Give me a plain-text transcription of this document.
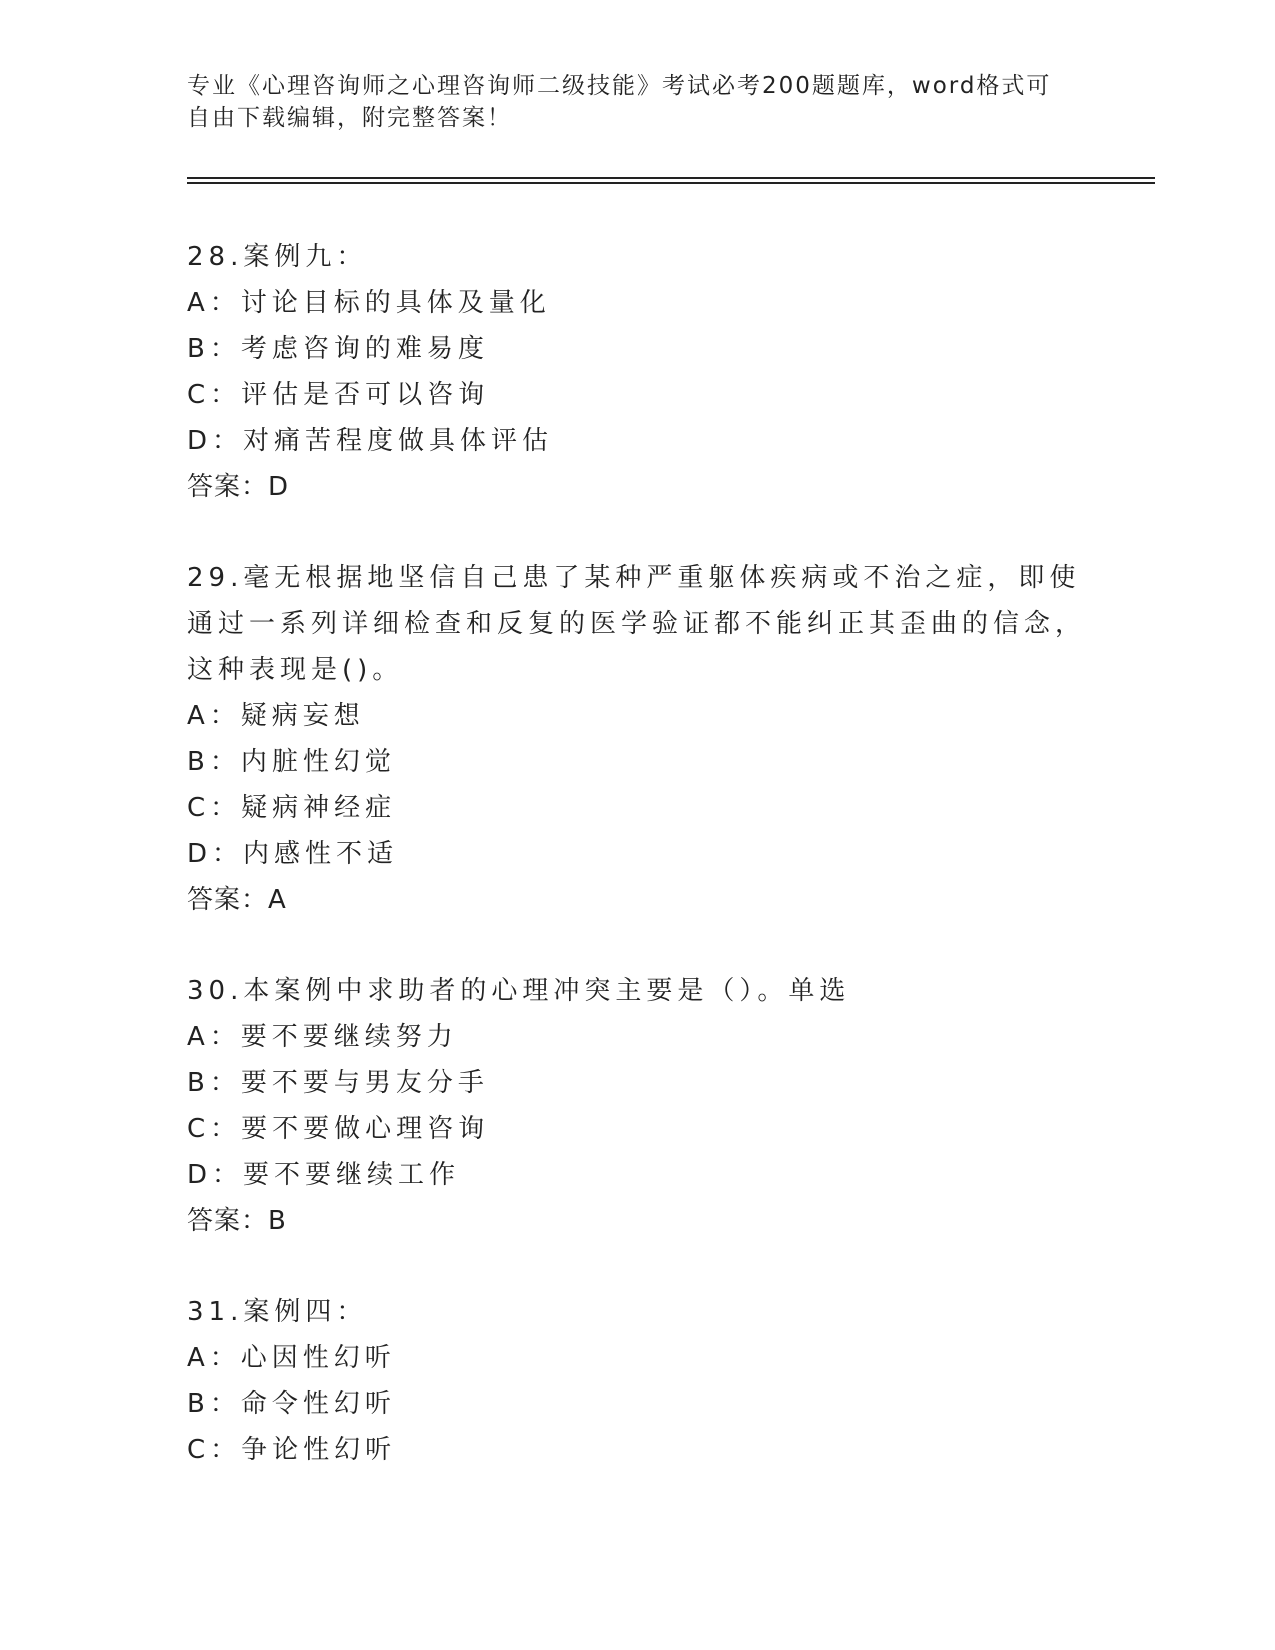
专业《心理咨询师之心理咨询师二级技能》考试必考200题题库，word格式可自由下载编辑，附完整答案！
28.案例九：
A：讨论目标的具体及量化
B：考虑咨询的难易度
C：评估是否可以咨询
D：对痛苦程度做具体评估
答案：D
29.毫无根据地坚信自己患了某种严重躯体疾病或不治之症，即使通过一系列详细检查和反复的医学验证都不能纠正其歪曲的信念，这种表现是()。
A：疑病妄想
B：内脏性幻觉
C：疑病神经症
D：内感性不适
答案：A
30.本案例中求助者的心理冲突主要是（）。单选
A：要不要继续努力
B：要不要与男友分手
C：要不要做心理咨询
D：要不要继续工作
答案：B
31.案例四：
A：心因性幻听
B：命令性幻听
C：争论性幻听
